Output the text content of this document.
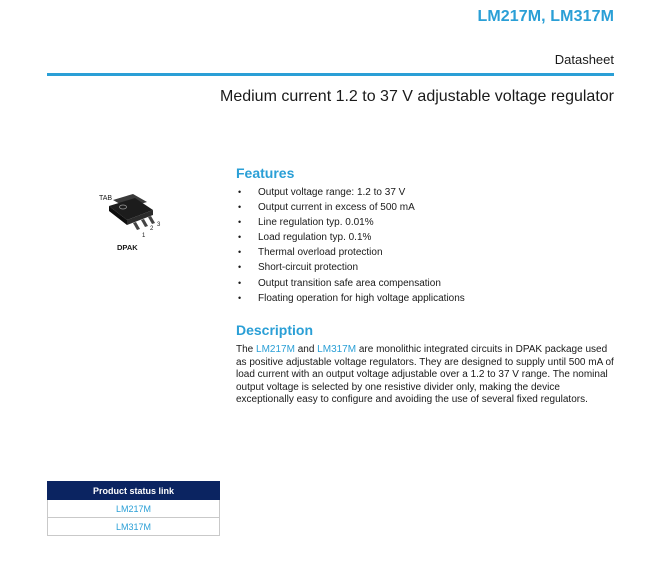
LM217M, LM317M
Datasheet
Medium current 1.2 to 37 V adjustable voltage regulator
TAB
1
2
3
DPAK
Features
• Output voltage range: 1.2 to 37 V
• Output current in excess of 500 mA
• Line regulation typ. 0.01%
• Load regulation typ. 0.1%
• Thermal overload protection
• Short-circuit protection
• Output transition safe area compensation
• Floating operation for high voltage applications
Description

The LM217M and LM317M are monolithic integrated circuits in DPAK package used as positive adjustable voltage regulators. They are designed to supply until 500 mA of load current with an output voltage adjustable over a 1.2 to 37 V range. The nominal output voltage is selected by one resistive divider only, making the device exceptionally easy to configure and avoiding the use of several fixed regulators.

Product status link
LM217M
LM317M
